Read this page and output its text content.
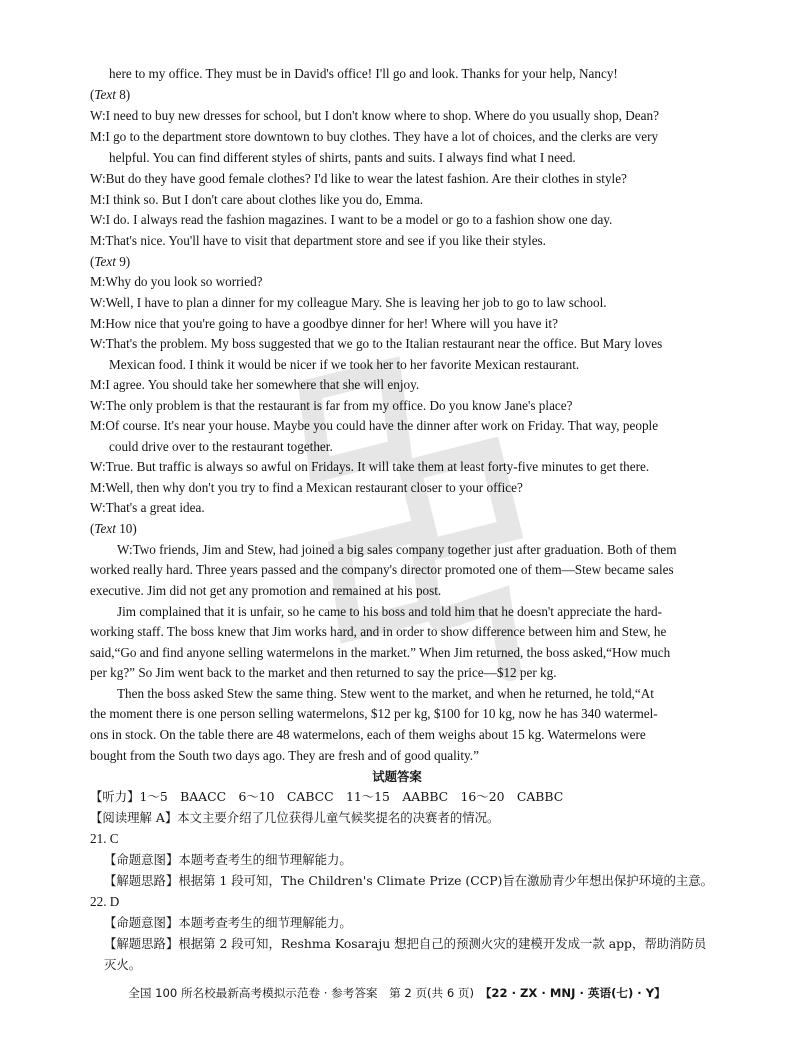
here to my office. They must be in David's office! I'll go and look. Thanks for your help, Nancy!
(Text 8)
W:I need to buy new dresses for school, but I don't know where to shop. Where do you usually shop, Dean?
M:I go to the department store downtown to buy clothes. They have a lot of choices, and the clerks are very
helpful. You can find different styles of shirts, pants and suits. I always find what I need.
W:But do they have good female clothes? I'd like to wear the latest fashion. Are their clothes in style?
M:I think so. But I don't care about clothes like you do, Emma.
W:I do. I always read the fashion magazines. I want to be a model or go to a fashion show one day.
M:That's nice. You'll have to visit that department store and see if you like their styles.
(Text 9)
M:Why do you look so worried?
W:Well, I have to plan a dinner for my colleague Mary. She is leaving her job to go to law school.
M:How nice that you're going to have a goodbye dinner for her! Where will you have it?
W:That's the problem. My boss suggested that we go to the Italian restaurant near the office. But Mary loves
Mexican food. I think it would be nicer if we took her to her favorite Mexican restaurant.
M:I agree. You should take her somewhere that she will enjoy.
W:The only problem is that the restaurant is far from my office. Do you know Jane's place?
M:Of course. It's near your house. Maybe you could have the dinner after work on Friday. That way, people
could drive over to the restaurant together.
W:True. But traffic is always so awful on Fridays. It will take them at least forty-five minutes to get there.
M:Well, then why don't you try to find a Mexican restaurant closer to your office?
W:That's a great idea.
(Text 10)
W:Two friends, Jim and Stew, had joined a big sales company together just after graduation. Both of them
worked really hard. Three years passed and the company's director promoted one of them—Stew became sales
executive. Jim did not get any promotion and remained at his post.
Jim complained that it is unfair, so he came to his boss and told him that he doesn't appreciate the hard-
working staff. The boss knew that Jim works hard, and in order to show difference between him and Stew, he
said,“Go and find anyone selling watermelons in the market.” When Jim returned, the boss asked,“How much
per kg?” So Jim went back to the market and then returned to say the price—$12 per kg.
Then the boss asked Stew the same thing. Stew went to the market, and when he returned, he told,“At
the moment there is one person selling watermelons, $12 per kg, $100 for 10 kg, now he has 340 watermel-
ons in stock. On the table there are 48 watermelons, each of them weighs about 15 kg. Watermelons were
bought from the South two days ago. They are fresh and of good quality.”
试题答案
【听力】1～5　BAACC　6～10　CABCC　11～15　AABBC　16～20　CABBC
【阅读理解 A】本文主要介绍了几位获得儿童气候奖提名的决赛者的情况。
21. C
【命题意图】本题考查考生的细节理解能力。
【解题思路】根据第 1 段可知，The Children's Climate Prize (CCP)旨在激励青少年想出保护环境的主意。
22. D
【命题意图】本题考查考生的细节理解能力。
【解题思路】根据第 2 段可知，Reshma Kosaraju 想把自己的预测火灾的建模开发成一款 app，帮助消防员
灭火。
全国 100 所名校最新高考模拟示范卷 · 参考答案　第 2 页(共 6 页)　【22 · ZX · MNJ · 英语(七) · Y】
